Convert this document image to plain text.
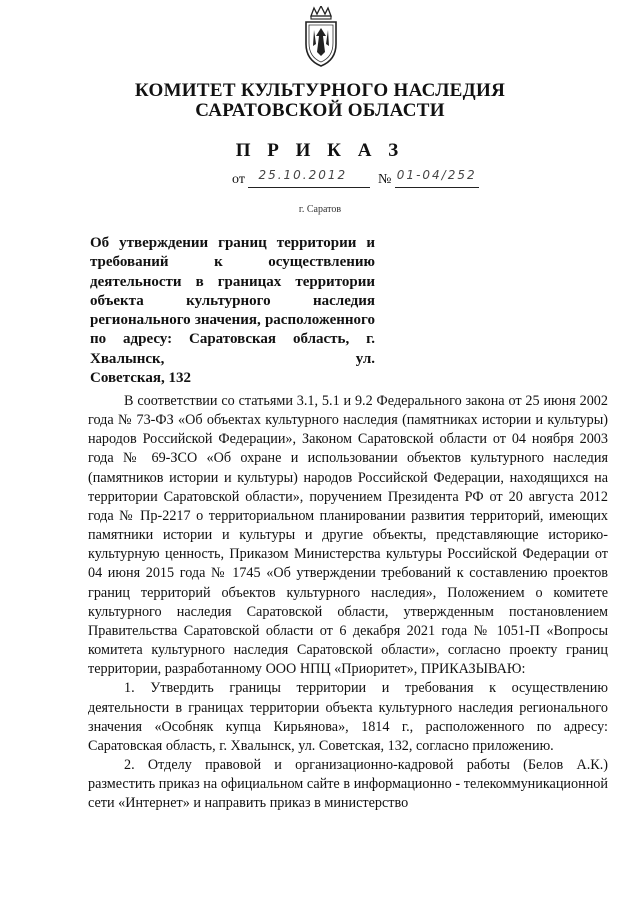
КОМИТЕТ КУЛЬТУРНОГО НАСЛЕДИЯ
САРАТОВСКОЙ ОБЛАСТИ
П Р И К А З
от 25.10.2012 № 01-04/252
г. Саратов
Об утверждении границ территории и требований к осуществлению деятельности в границах территории объекта культурного наследия регионального значения, расположенного по адресу: Саратовская область, г. Хвалынск, ул.
Советская, 132

В соответствии со статьями 3.1, 5.1 и 9.2 Федерального закона от 25 июня 2002 года № 73-ФЗ «Об объектах культурного наследия (памятниках истории и культуры) народов Российской Федерации», Законом Саратовской области от 04 ноября 2003 года № 69-ЗСО «Об охране и использовании объектов культурного наследия (памятников истории и культуры) народов Российской Федерации, находящихся на территории Саратовской области», поручением Президента РФ от 20 августа 2012 года № Пр-2217 о территориальном планировании развития территорий, имеющих памятники истории и культуры и другие объекты, представляющие историко-культурную ценность, Приказом Министерства культуры Российской Федерации от 04 июня 2015 года № 1745 «Об утверждении требований к составлению проектов границ территорий объектов культурного наследия», Положением о комитете культурного наследия Саратовской области, утвержденным постановлением Правительства Саратовской области от 6 декабря 2021 года № 1051-П «Вопросы комитета культурного наследия Саратовской области», согласно проекту границ территории, разработанному ООО НПЦ «Приоритет», ПРИКАЗЫВАЮ:

1. Утвердить границы территории и требования к осуществлению деятельности в границах территории объекта культурного наследия регионального значения «Особняк купца Кирьянова», 1814 г., расположенного по адресу: Саратовская область, г. Хвалынск, ул. Советская, 132, согласно приложению.

2. Отделу правовой и организационно-кадровой работы (Белов А.К.) разместить приказ на официальном сайте в информационно - телекоммуникационной сети «Интернет» и направить приказ в министерство
